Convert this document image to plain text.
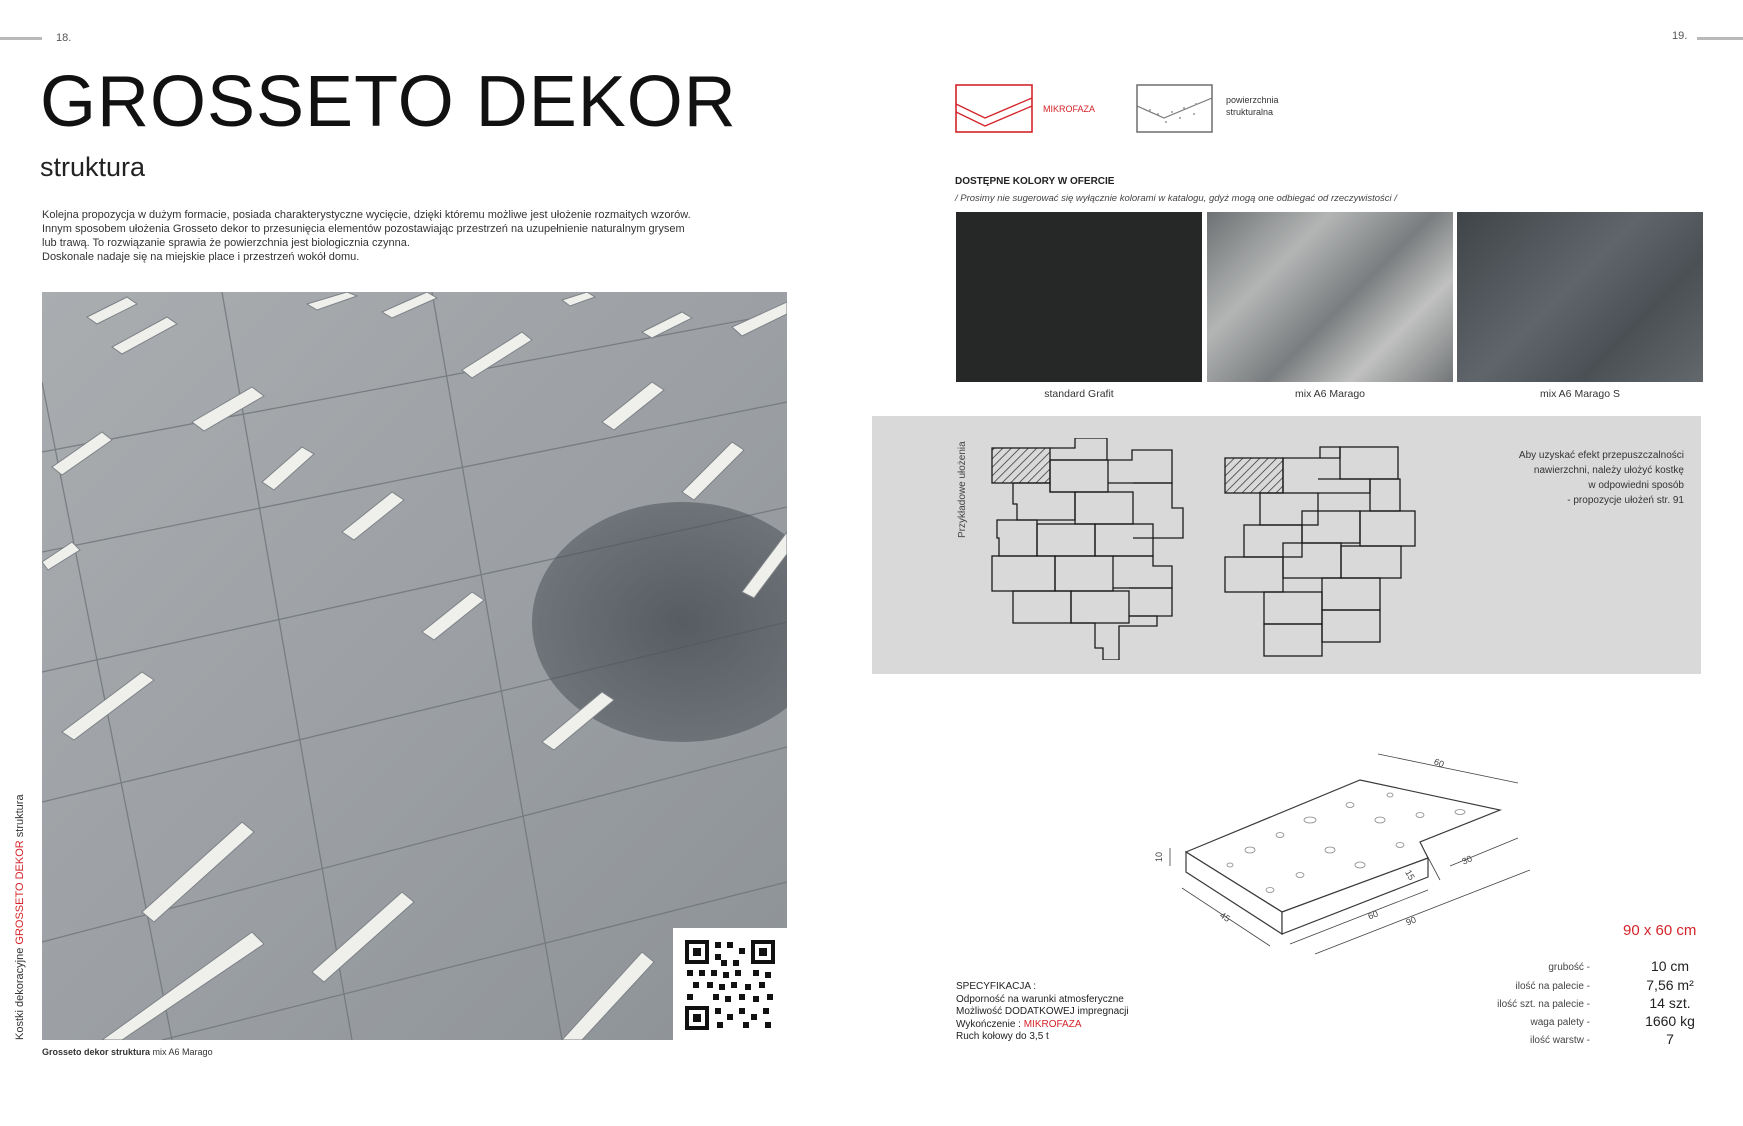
18.	19.
GROSSETO DEKOR
struktura
Kolejna propozycja w dużym formacie, posiada charakterystyczne wycięcie, dzięki któremu możliwe jest ułożenie rozmaitych wzorów.
Innym sposobem ułożenia Grosseto dekor to przesunięcia elementów pozostawiając przestrzeń na uzupełnienie naturalnym grysem
lub trawą. To rozwiązanie sprawia że powierzchnia jest biologicznia czynna.
Doskonale nadaje się na miejskie place i przestrzeń wokół domu.
Grosseto dekor struktura mix A6 Marago
Kostki dekoracyjne GROSSETO DEKOR struktura
MIKROFAZA
powierzchnia
strukturalna
DOSTĘPNE KOLORY W OFERCIE
/ Prosimy nie sugerować się wyłącznie kolorami w katalogu, gdyż mogą one odbiegać od rzeczywistości /
standard Grafit	mix A6 Marago	mix A6 Marago S
Przykładowe ułożenia	Aby uzyskać efekt przepuszczalności
nawierzchni, należy ułożyć kostkę
w odpowiedni sposób
- propozycje ułożeń str. 91
60
30
15
10
45	60	90
90 x 60 cm
grubość -	10 cm
ilość na palecie -	7,56 m²
ilość szt. na palecie -	14 szt.
waga palety -	1660 kg
ilość warstw -	7
SPECYFIKACJA :
Odporność na warunki atmosferyczne
Możliwość DODATKOWEJ impregnacji
Wykończenie : MIKROFAZA
Ruch kołowy do 3,5 t
